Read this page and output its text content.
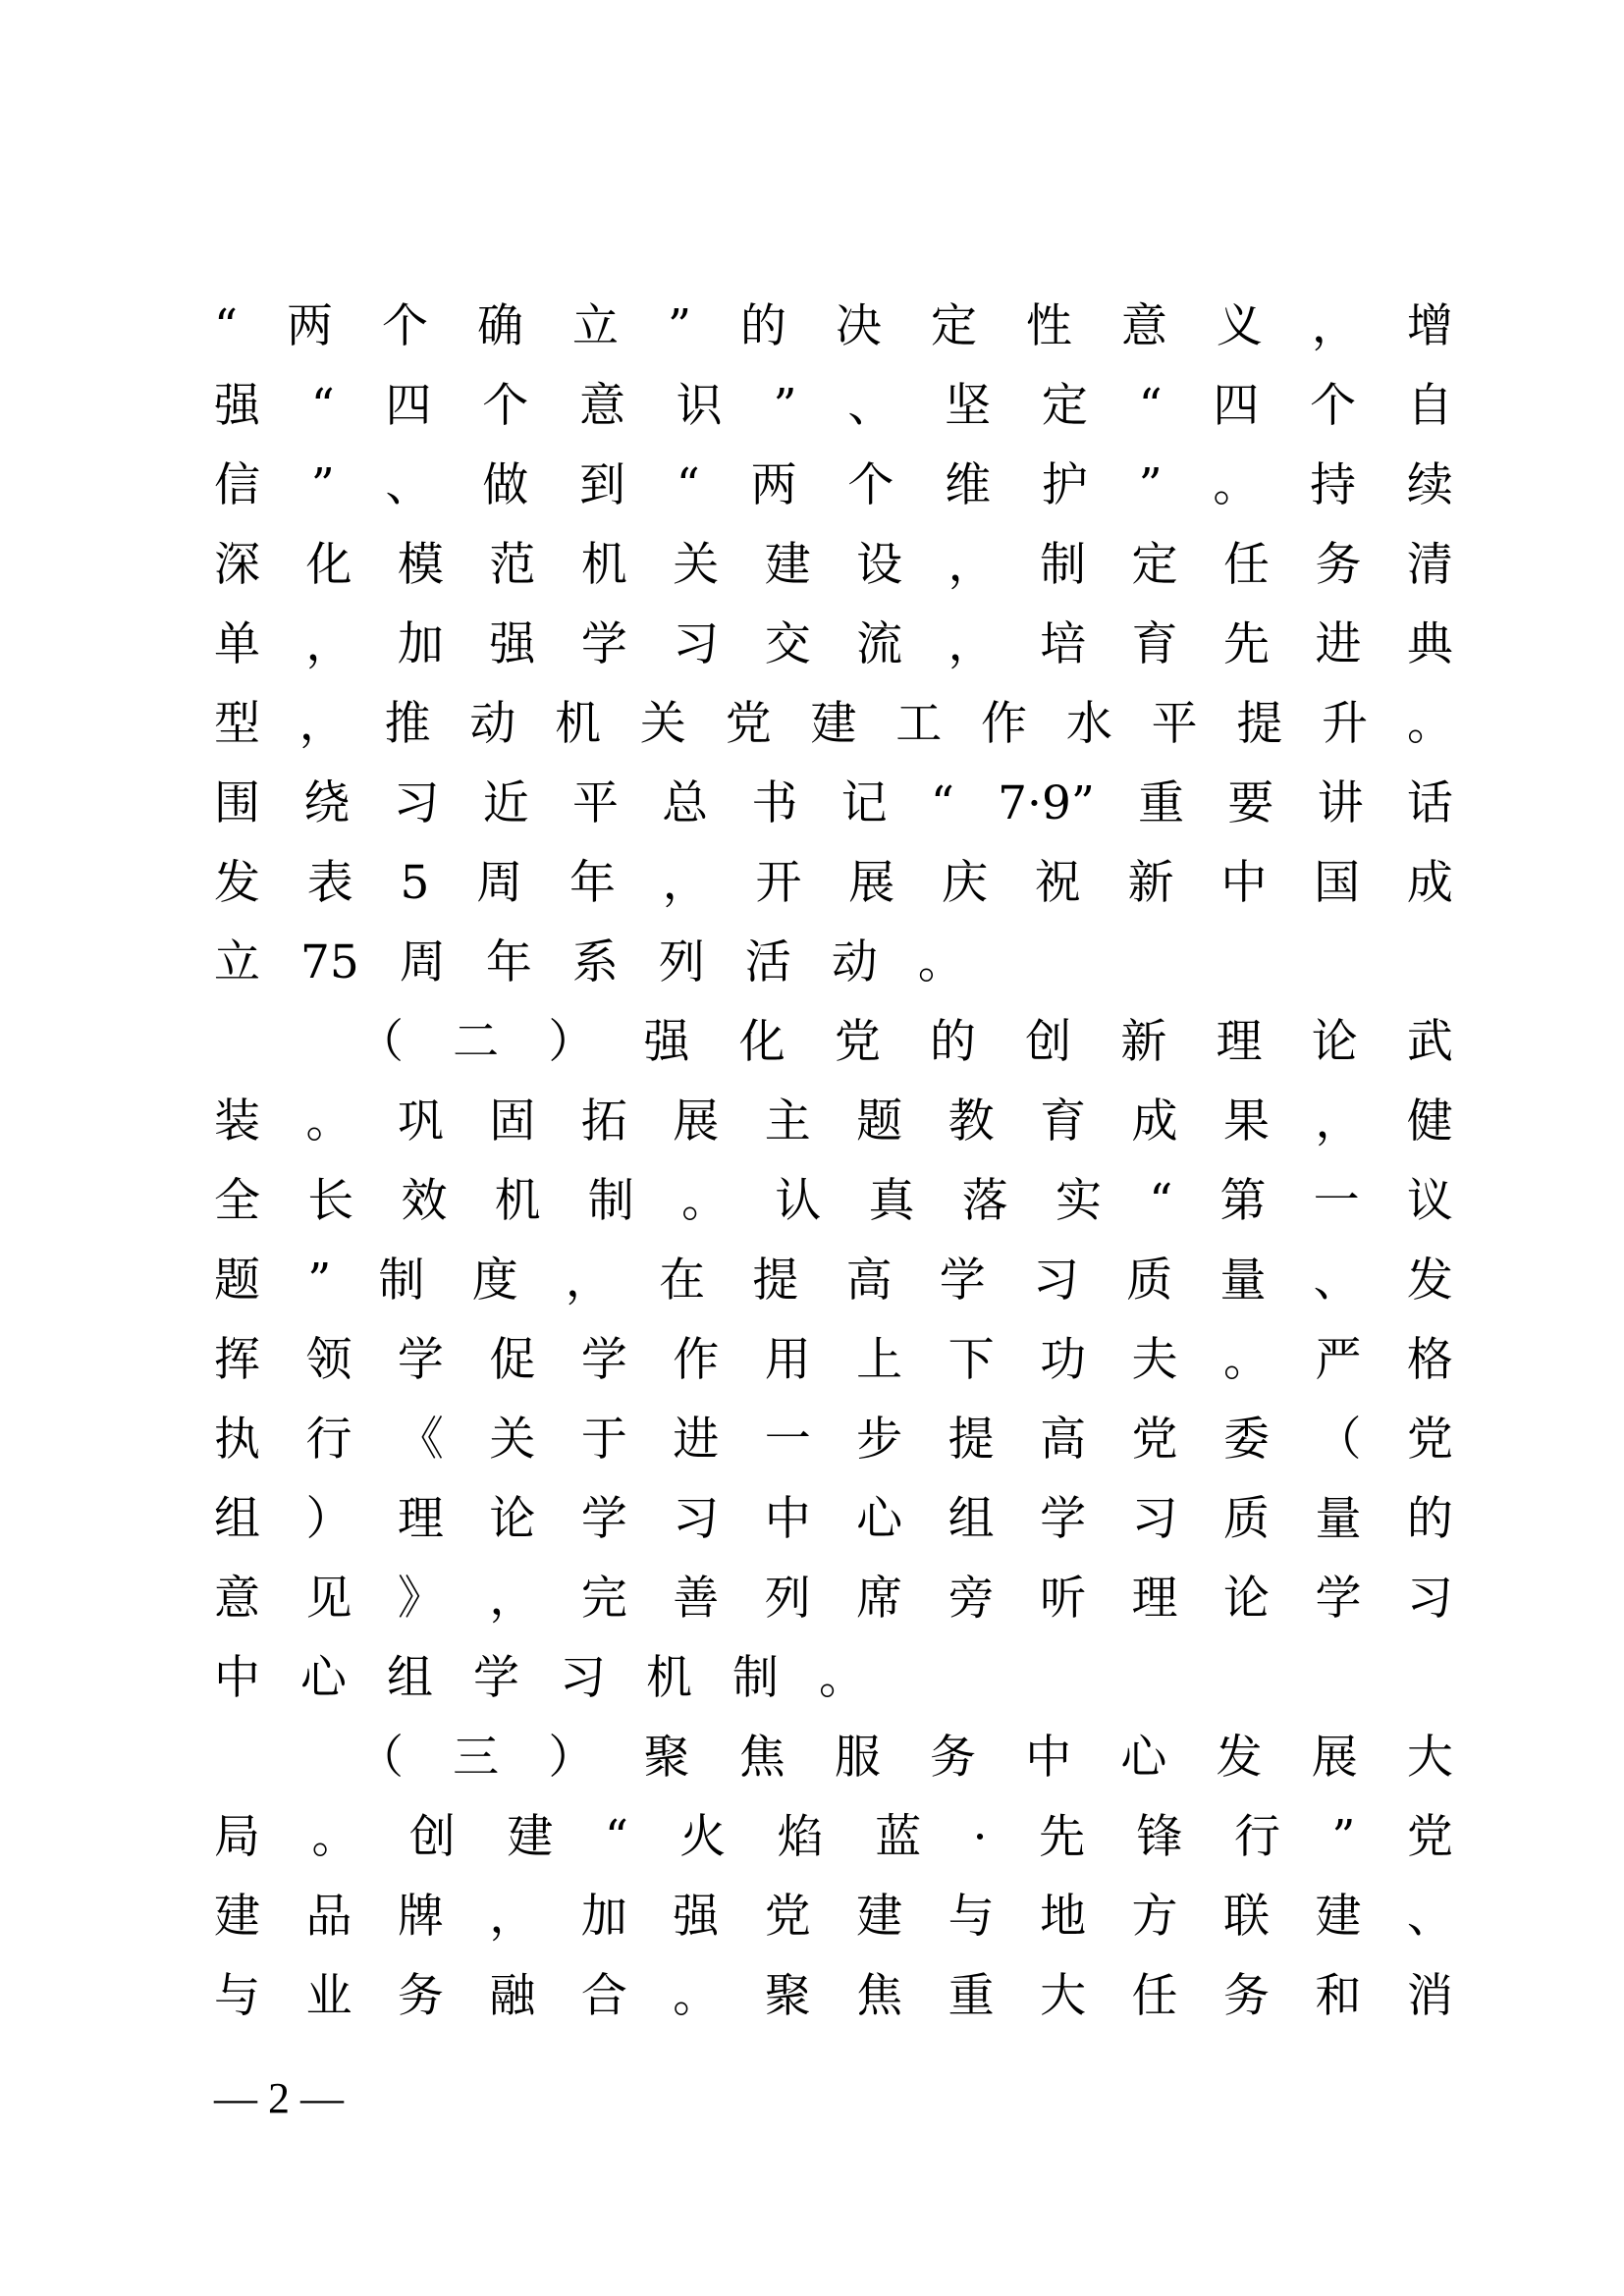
“ 两 个 确 立 ” 的 决 定 性 意 义 ， 增
强 “ 四 个 意 识 ” 、 坚 定 “ 四 个 自
信 ” 、 做 到 “ 两 个 维 护 ” 。 持 续
深 化 模 范 机 关 建 设 ， 制 定 任 务 清
单 ， 加 强 学 习 交 流 ， 培 育 先 进 典
型 ， 推 动 机 关 党 建 工 作 水 平 提 升 。
围 绕 习 近 平 总 书 记 “ 7·9” 重 要 讲 话
发 表 5 周 年 ， 开 展 庆 祝 新 中 国 成
立 75 周 年 系 列 活 动 。
（ 二 ） 强 化 党 的 创 新 理 论 武
装 。 巩 固 拓 展 主 题 教 育 成 果 ， 健
全 长 效 机 制 。 认 真 落 实 “ 第 一 议
题 ” 制 度 ， 在 提 高 学 习 质 量 、 发
挥 领 学 促 学 作 用 上 下 功 夫 。 严 格
执 行 《 关 于 进 一 步 提 高 党 委 （ 党
组 ） 理 论 学 习 中 心 组 学 习 质 量 的
意 见 》 ， 完 善 列 席 旁 听 理 论 学 习
中 心 组 学 习 机 制 。
（ 三 ） 聚 焦 服 务 中 心 发 展 大
局 。 创 建 “ 火 焰 蓝 · 先 锋 行 ” 党
建 品 牌 ， 加 强 党 建 与 地 方 联 建 、
与 业 务 融 合 。 聚 焦 重 大 任 务 和 消
— 2 —
